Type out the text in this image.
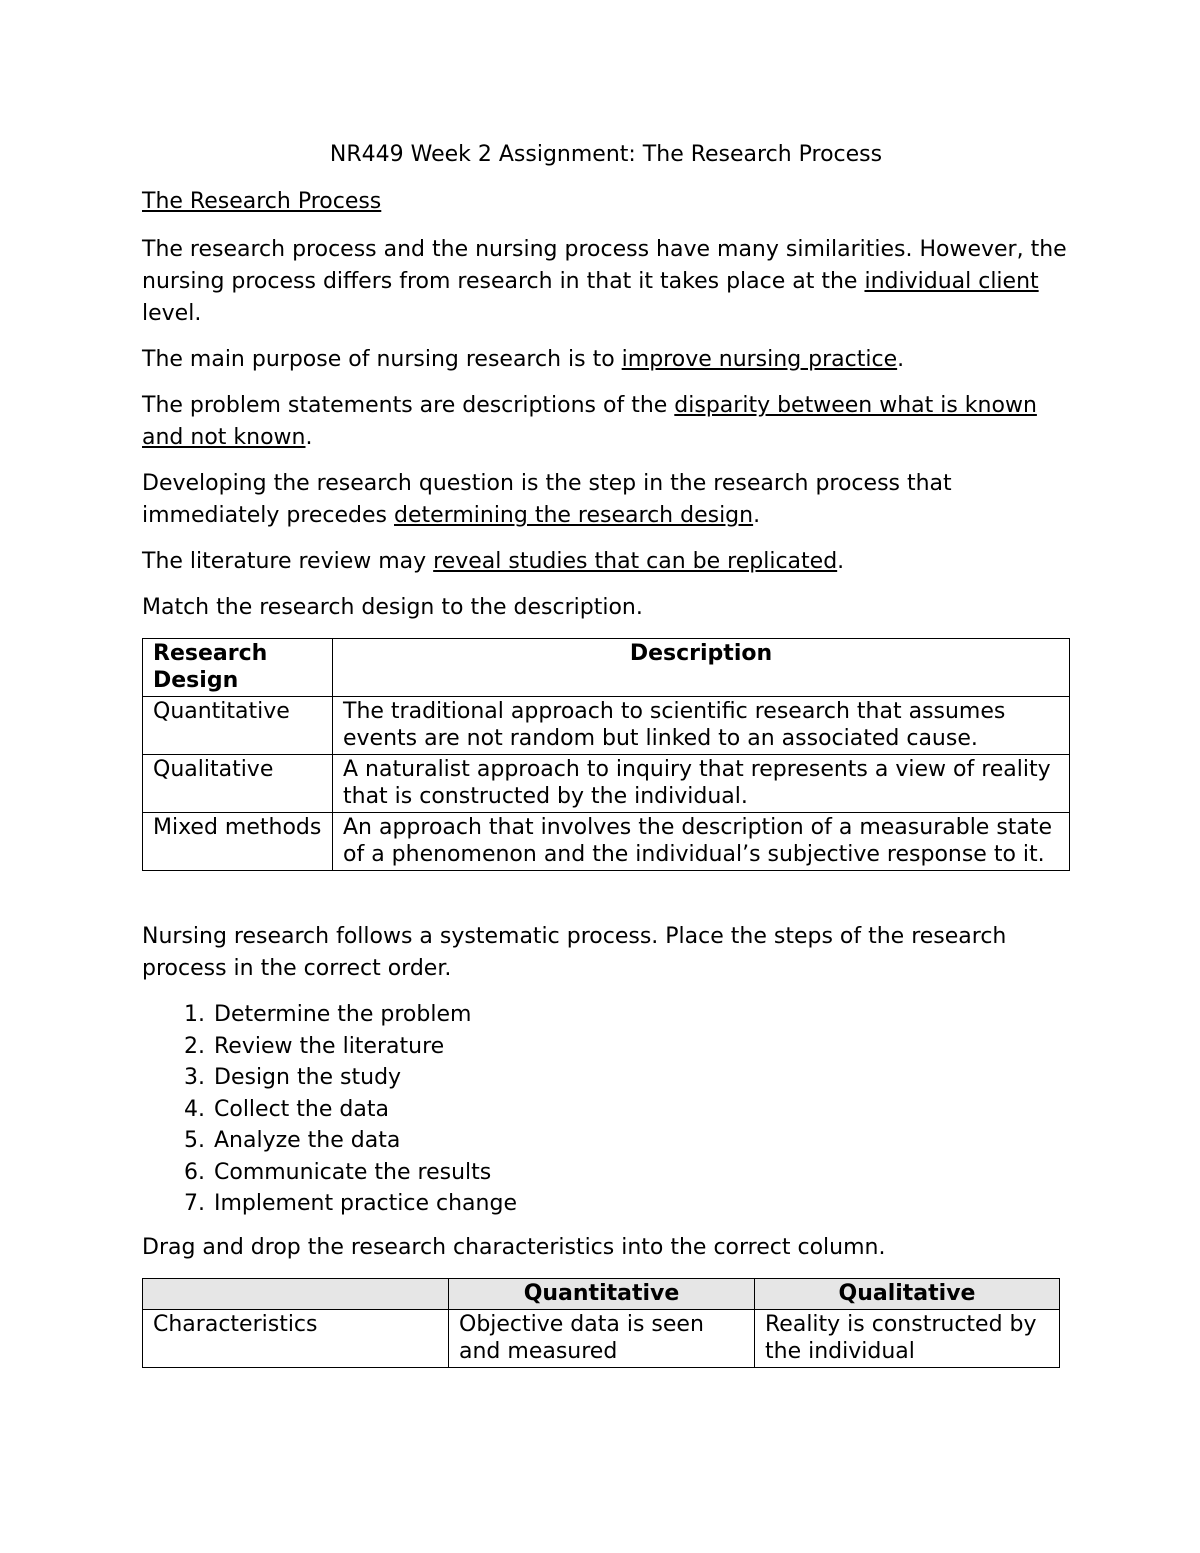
NR449 Week 2 Assignment: The Research Process
The Research Process

The research process and the nursing process have many similarities. However, the nursing process differs from research in that it takes place at the individual client level.

The main purpose of nursing research is to improve nursing practice.

The problem statements are descriptions of the disparity between what is known and not known.

Developing the research question is the step in the research process that immediately precedes determining the research design.

The literature review may reveal studies that can be replicated.

Match the research design to the description.

Research Design	Description
Quantitative	The traditional approach to scientific research that assumes events are not random but linked to an associated cause.
Qualitative	A naturalist approach to inquiry that represents a view of reality that is constructed by the individual.
Mixed methods	An approach that involves the description of a measurable state of a phenomenon and the individual’s subjective response to it.

Nursing research follows a systematic process. Place the steps of the research process in the correct order.

1. Determine the problem
2. Review the literature
3. Design the study
4. Collect the data
5. Analyze the data
6. Communicate the results
7. Implement practice change

Drag and drop the research characteristics into the correct column.

	Quantitative	Qualitative
Characteristics	Objective data is seen and measured	Reality is constructed by the individual
